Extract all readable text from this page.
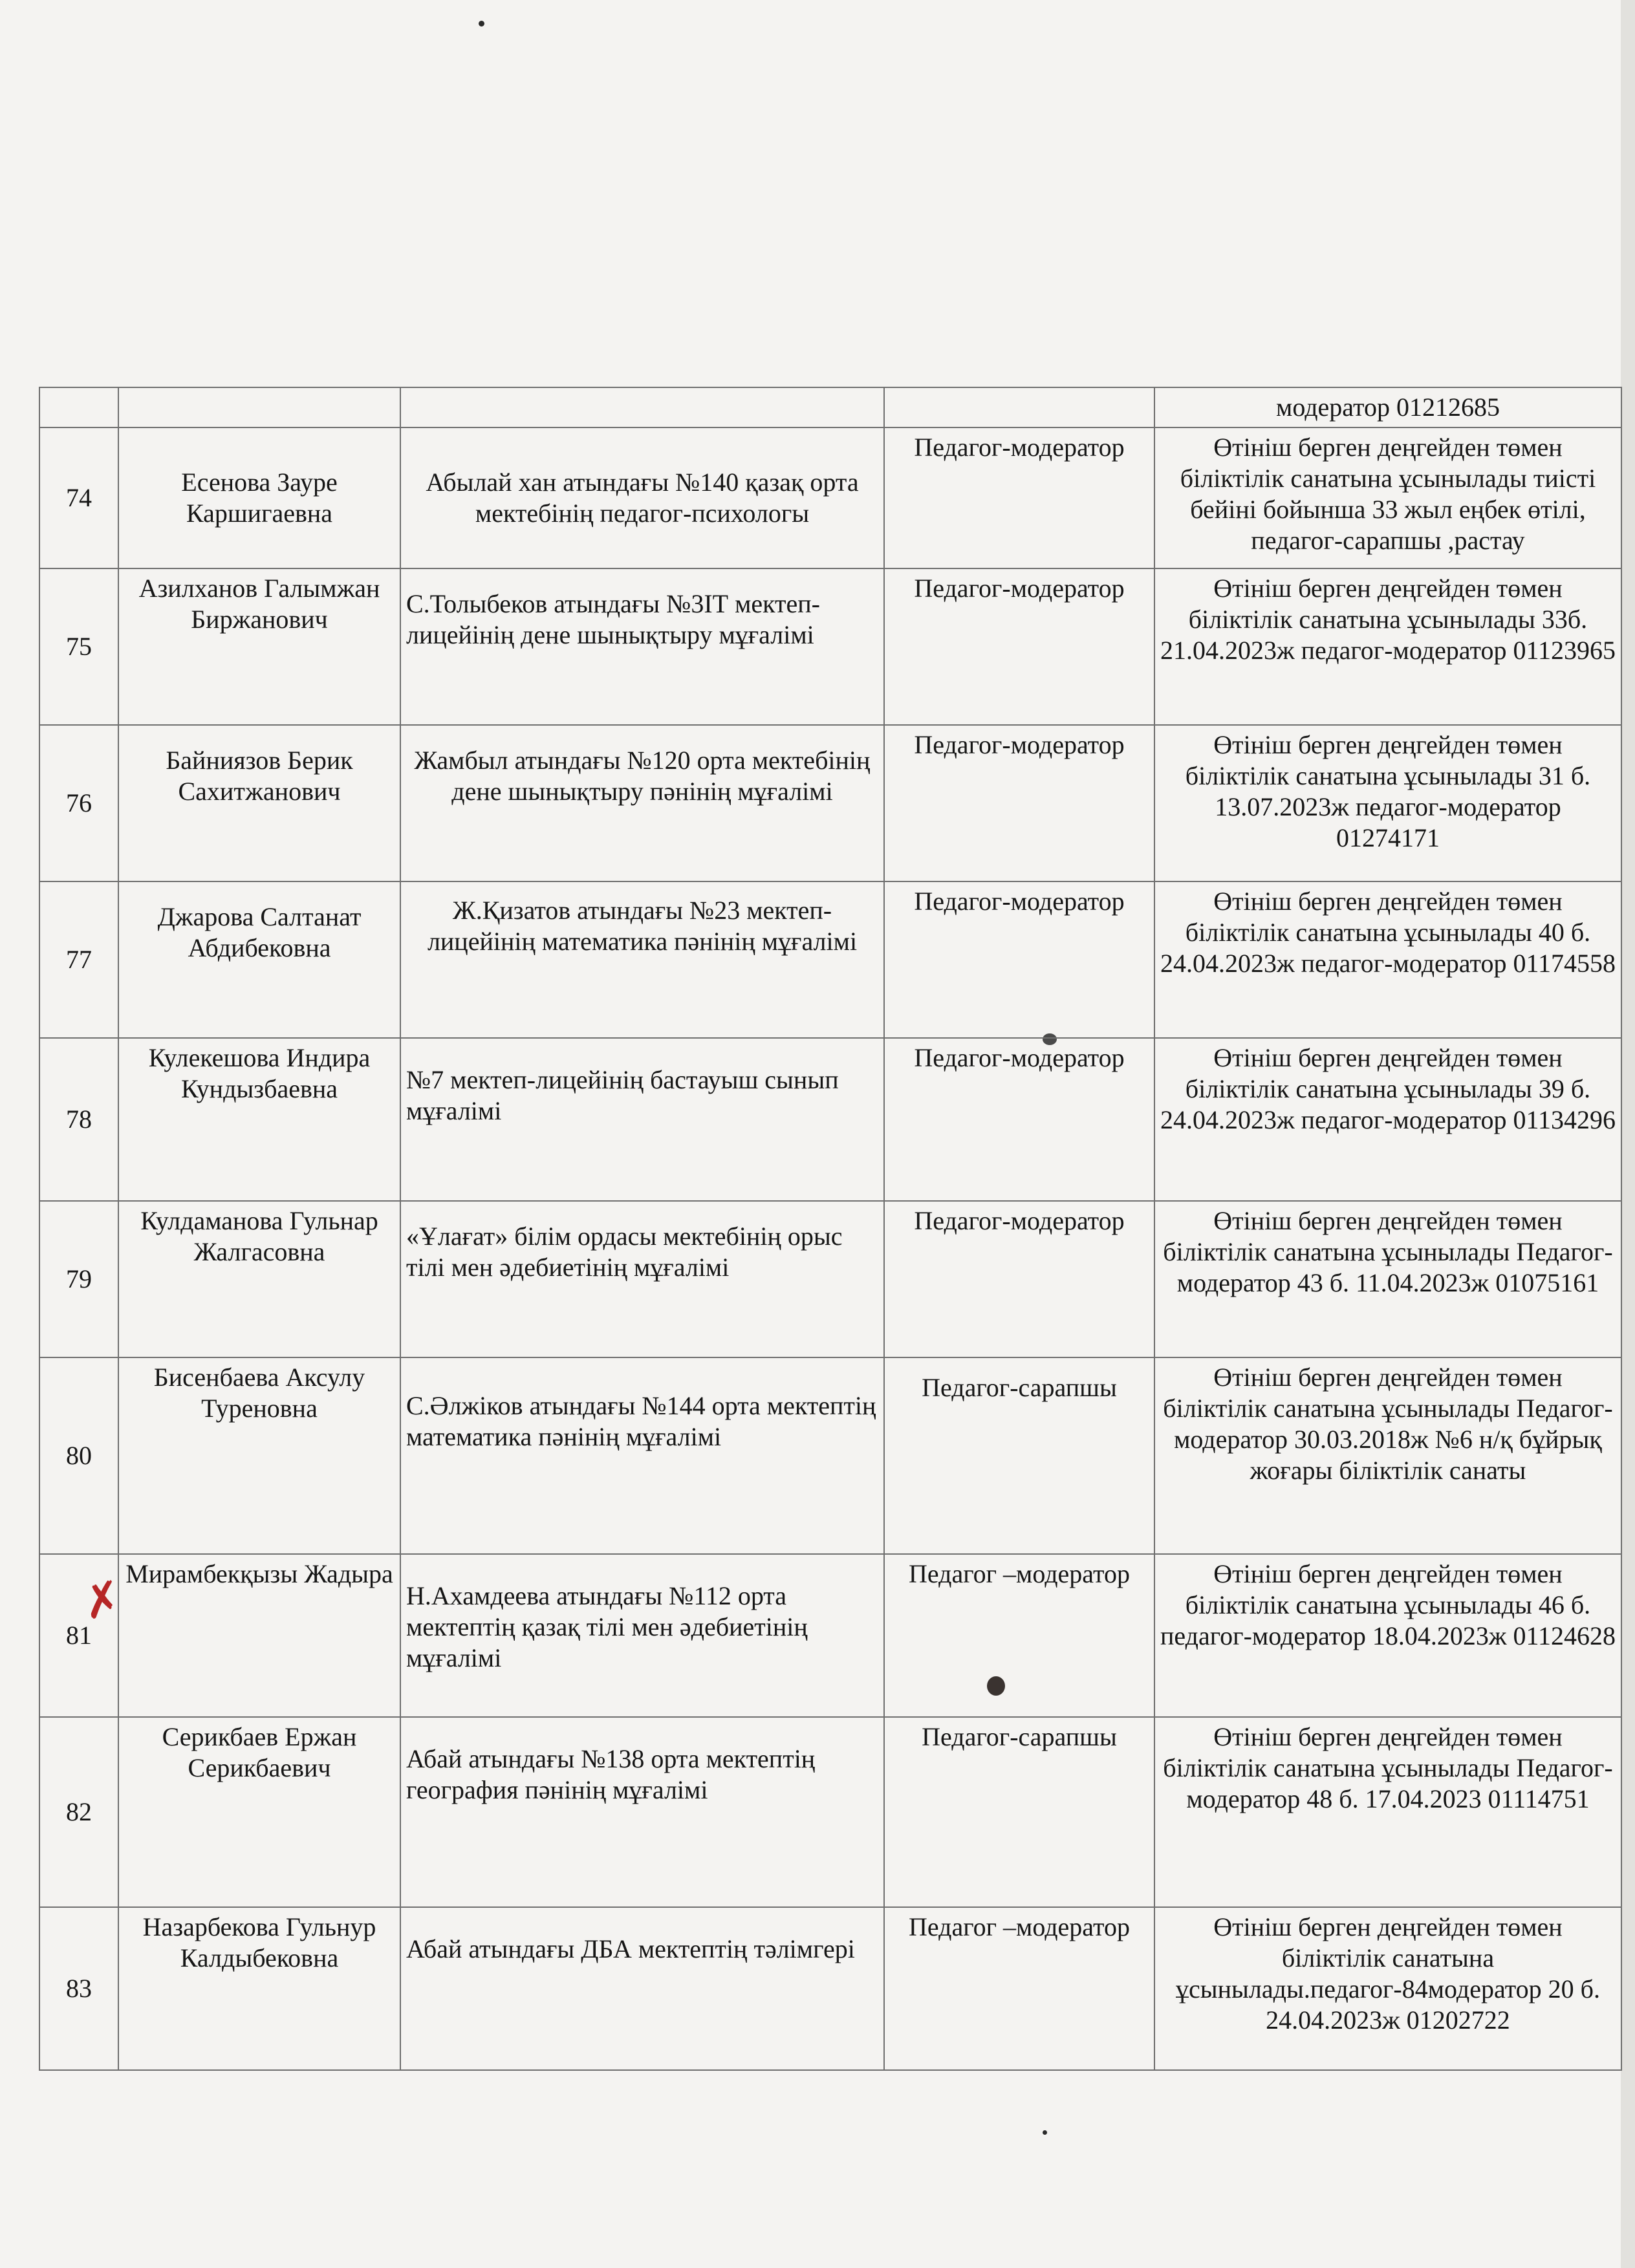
				модератор 01212685
74	Есенова Зауре Каршигаевна	Абылай хан атындағы №140 қазақ орта мектебінің педагог-психологы	Педагог-модератор	Өтініш берген деңгейден төмен біліктілік санатына ұсынылады тиісті бейіні бойынша 33 жыл еңбек өтілі, педагог-сарапшы ,растау
75	Азилханов Галымжан Биржанович	С.Толыбеков атындағы №3IТ мектеп-лицейінің дене шынықтыру мұғалімі	Педагог-модератор	Өтініш берген деңгейден төмен біліктілік санатына ұсынылады 33б. 21.04.2023ж педагог-модератор 01123965
76	Байниязов Берик Сахитжанович	Жамбыл атындағы №120 орта мектебінің дене шынықтыру пәнінің мұғалімі	Педагог-модератор	Өтініш берген деңгейден төмен біліктілік санатына ұсынылады 31 б. 13.07.2023ж педагог-модератор 01274171
77	Джарова Салтанат Абдибековна	Ж.Қизатов атындағы №23 мектеп-лицейінің математика пәнінің мұғалімі	Педагог-модератор	Өтініш берген деңгейден төмен біліктілік санатына ұсынылады 40 б. 24.04.2023ж педагог-модератор 01174558
78	Кулекешова Индира Кундызбаевна	№7 мектеп-лицейінің бастауыш сынып мұғалімі	Педагог-модератор	Өтініш берген деңгейден төмен біліктілік санатына ұсынылады 39 б. 24.04.2023ж педагог-модератор 01134296
79	Кулдаманова Гульнар Жалгасовна	«Ұлағат» білім ордасы мектебінің орыс тілі мен әдебиетінің мұғалімі	Педагог-модератор	Өтініш берген деңгейден төмен біліктілік санатына ұсынылады Педагог-модератор 43 б. 11.04.2023ж 01075161
80	Бисенбаева Аксулу Туреновна	С.Әлжіков атындағы №144 орта мектептің математика пәнінің мұғалімі	Педагог-сарапшы	Өтініш берген деңгейден төмен біліктілік санатына ұсынылады Педагог-модератор 30.03.2018ж №6 н/қ бұйрық жоғары біліктілік санаты
81	Мирамбекқызы Жадыра	Н.Ахамдеева атындағы №112 орта мектептің қазақ тілі мен әдебиетінің мұғалімі	Педагог –модератор	Өтініш берген деңгейден төмен біліктілік санатына ұсынылады 46 б. педагог-модератор 18.04.2023ж 01124628
82	Серикбаев Ержан Серикбаевич	Абай атындағы №138 орта мектептің география пәнінің мұғалімі	Педагог-сарапшы	Өтініш берген деңгейден төмен біліктілік санатына ұсынылады Педагог-модератор 48 б. 17.04.2023 01114751
83	Назарбекова Гульнур Калдыбековна	Абай атындағы ДБА мектептің тәлімгері	Педагог –модератор	Өтініш берген деңгейден төмен біліктілік санатына ұсынылады.педагог-84модератор 20 б. 24.04.2023ж 01202722
✗
